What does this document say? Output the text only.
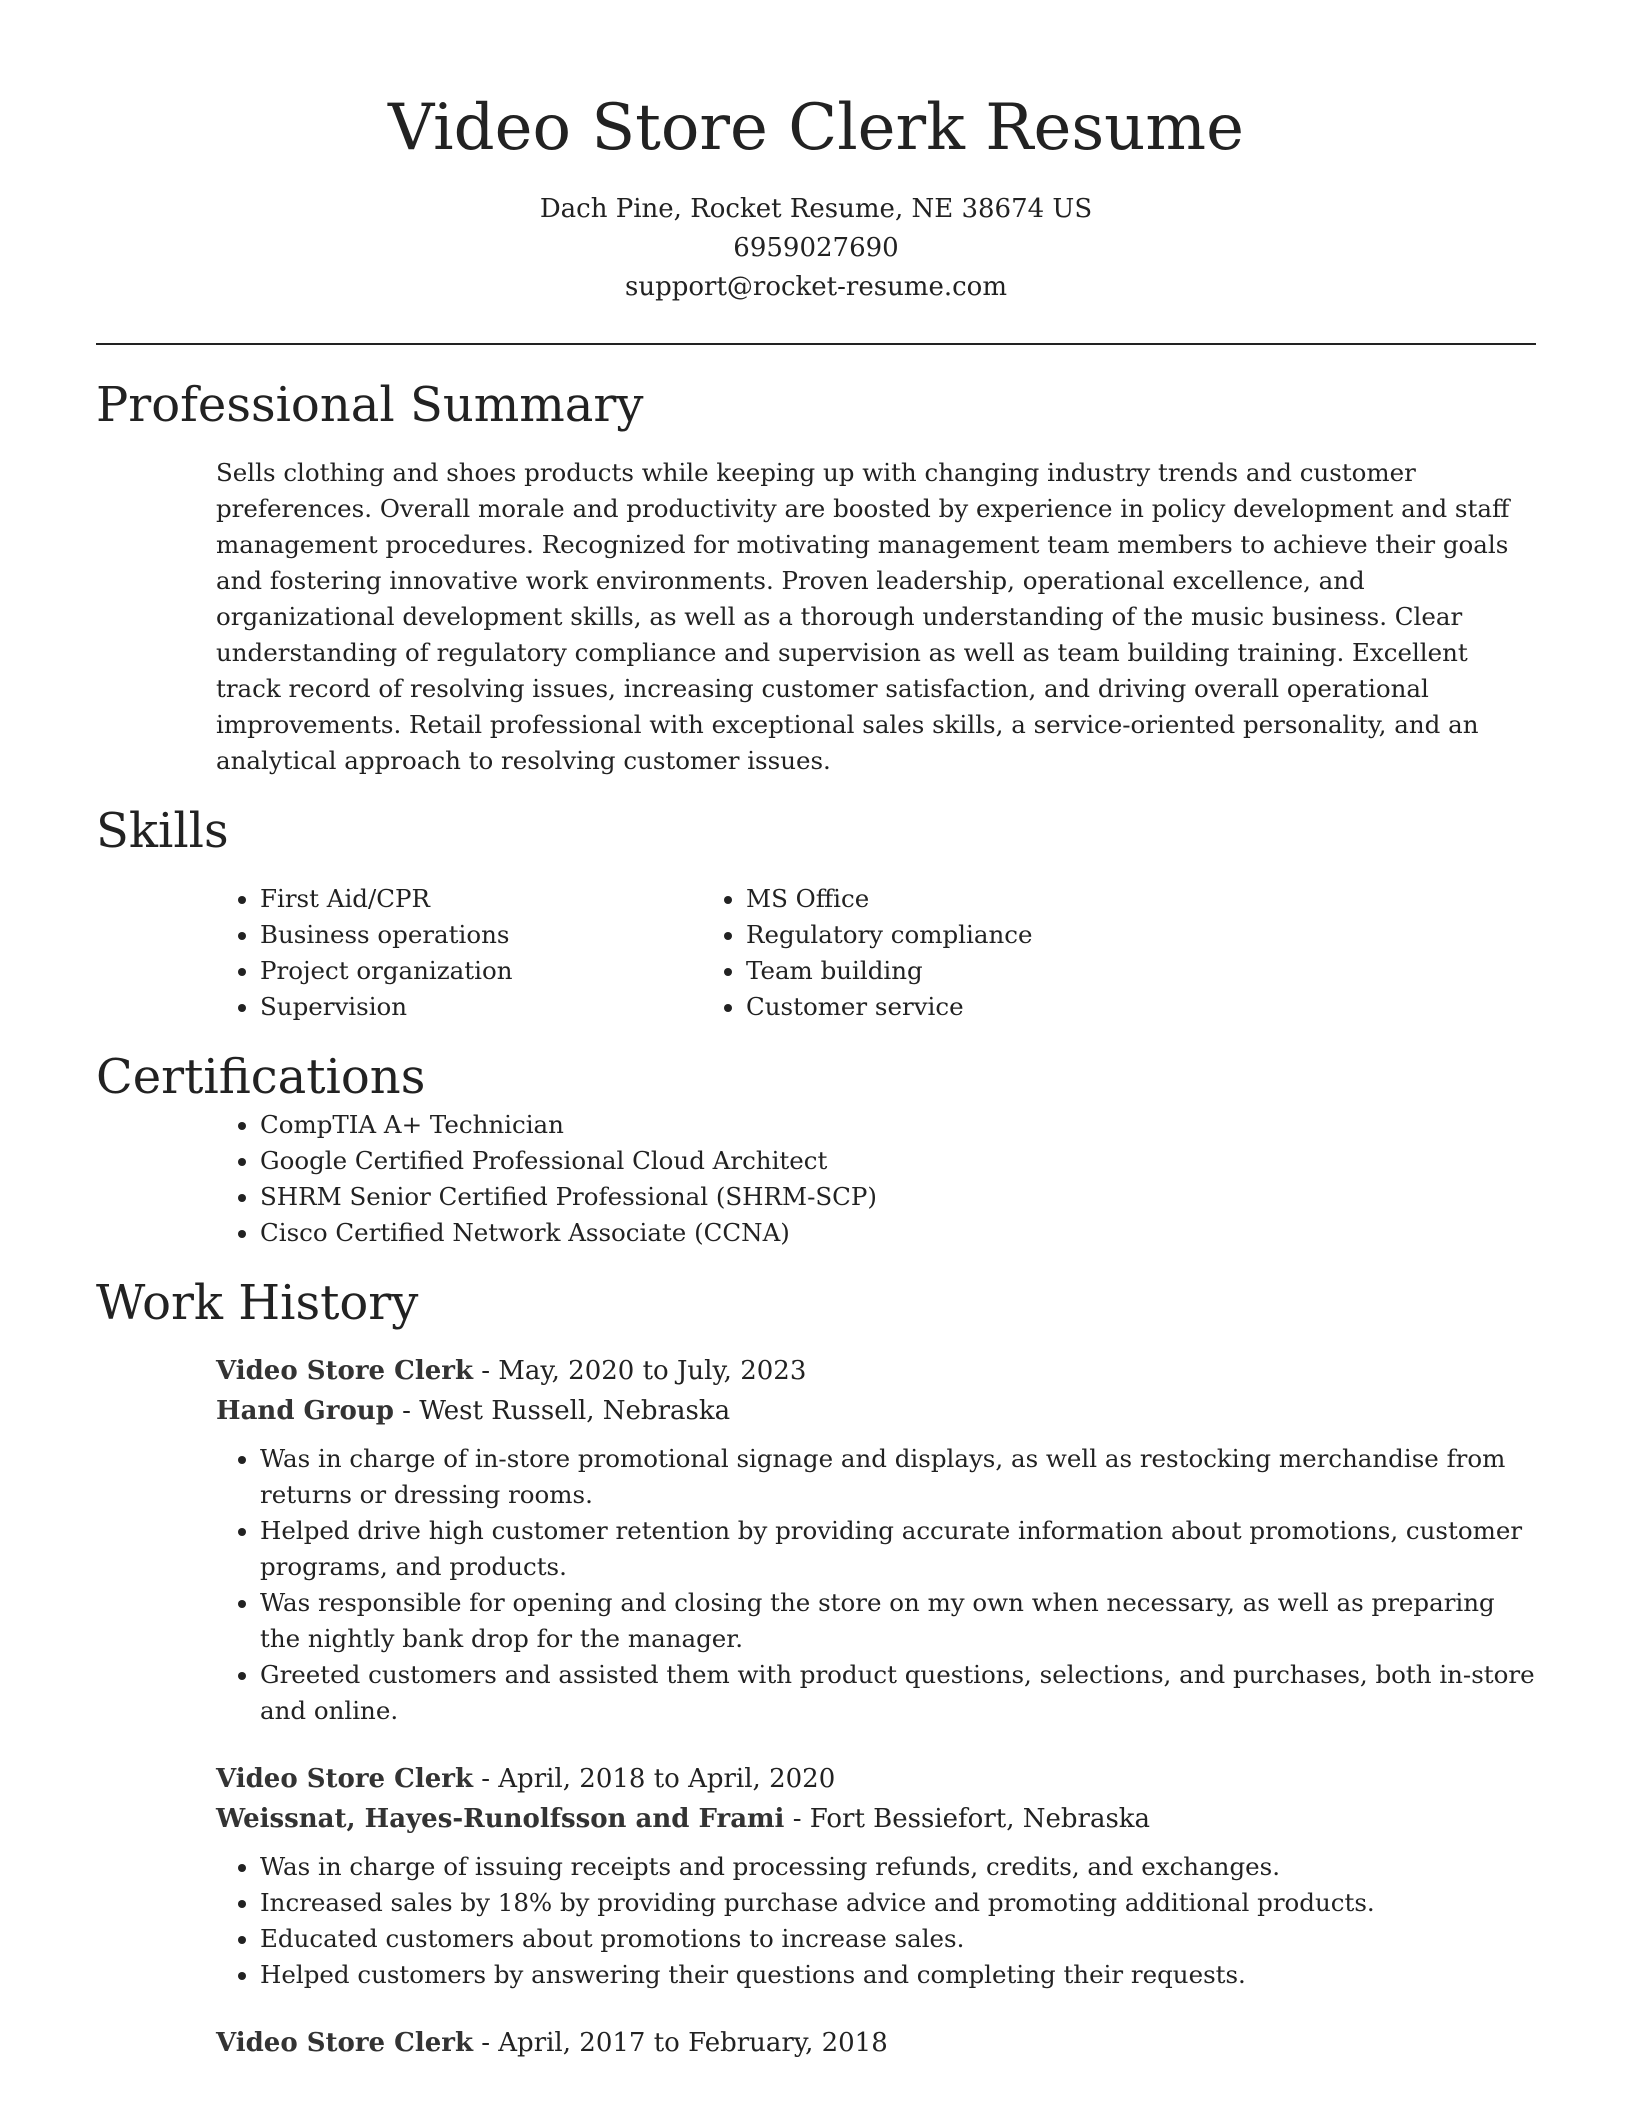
Video Store Clerk Resume

Dach Pine, Rocket Resume, NE 38674 US

6959027690

support@rocket-resume.com

Professional Summary

Sells clothing and shoes products while keeping up with changing industry trends and customer preferences. Overall morale and productivity are boosted by experience in policy development and staff management procedures. Recognized for motivating management team members to achieve their goals and fostering innovative work environments. Proven leadership, operational excellence, and organizational development skills, as well as a thorough understanding of the music business. Clear understanding of regulatory compliance and supervision as well as team building training. Excellent track record of resolving issues, increasing customer satisfaction, and driving overall operational improvements. Retail professional with exceptional sales skills, a service-oriented personality, and an analytical approach to resolving customer issues.

Skills
• First Aid/CPR
• Business operations
• Project organization
• Supervision
• MS Office
• Regulatory compliance
• Team building
• Customer service
Certifications
• CompTIA A+ Technician
• Google Certified Professional Cloud Architect
• SHRM Senior Certified Professional (SHRM-SCP)
• Cisco Certified Network Associate (CCNA)
Work History

Video Store Clerk - May, 2020 to July, 2023

Hand Group - West Russell, Nebraska

• Was in charge of in-store promotional signage and displays, as well as restocking merchandise from returns or dressing rooms.
• Helped drive high customer retention by providing accurate information about promotions, customer programs, and products.
• Was responsible for opening and closing the store on my own when necessary, as well as preparing the nightly bank drop for the manager.
• Greeted customers and assisted them with product questions, selections, and purchases, both in-store and online.

Video Store Clerk - April, 2018 to April, 2020

Weissnat, Hayes-Runolfsson and Frami - Fort Bessiefort, Nebraska

• Was in charge of issuing receipts and processing refunds, credits, and exchanges.
• Increased sales by 18% by providing purchase advice and promoting additional products.
• Educated customers about promotions to increase sales.
• Helped customers by answering their questions and completing their requests.

Video Store Clerk - April, 2017 to February, 2018
